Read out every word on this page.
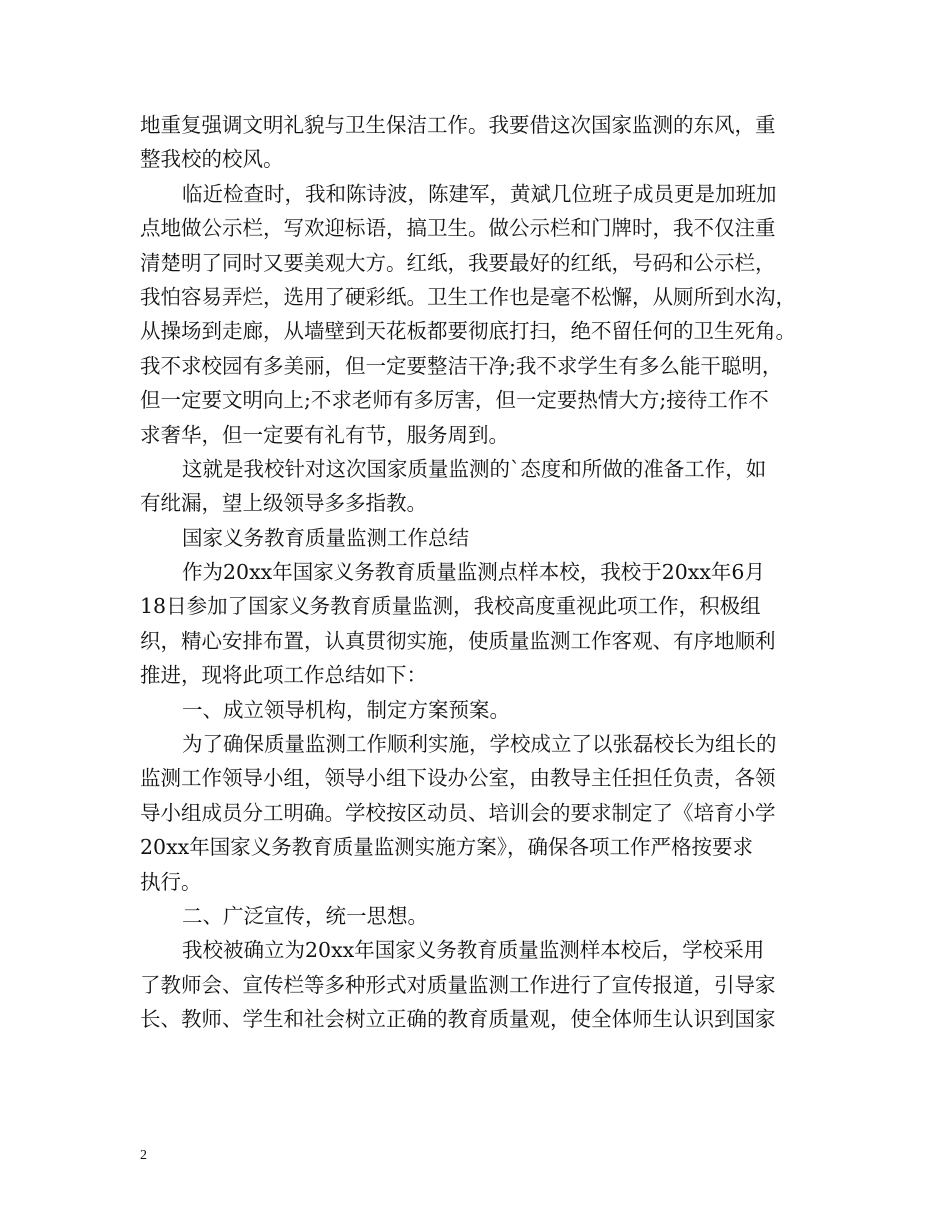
地重复强调文明礼貌与卫生保洁工作。我要借这次国家监测的东风，重
整我校的校风。
临近检查时，我和陈诗波，陈建军，黄斌几位班子成员更是加班加
点地做公示栏，写欢迎标语，搞卫生。做公示栏和门牌时，我不仅注重
清楚明了同时又要美观大方。红纸，我要最好的红纸，号码和公示栏，
我怕容易弄烂，选用了硬彩纸。卫生工作也是毫不松懈，从厕所到水沟，
从操场到走廊，从墙壁到天花板都要彻底打扫，绝不留任何的卫生死角。
我不求校园有多美丽，但一定要整洁干净;我不求学生有多么能干聪明，
但一定要文明向上;不求老师有多厉害，但一定要热情大方;接待工作不
求奢华，但一定要有礼有节，服务周到。
这就是我校针对这次国家质量监测的`态度和所做的准备工作，如
有纰漏，望上级领导多多指教。
国家义务教育质量监测工作总结
作为20xx年国家义务教育质量监测点样本校，我校于20xx年6月
18日参加了国家义务教育质量监测，我校高度重视此项工作，积极组
织，精心安排布置，认真贯彻实施，使质量监测工作客观、有序地顺利
推进，现将此项工作总结如下：
一、成立领导机构，制定方案预案。
为了确保质量监测工作顺利实施，学校成立了以张磊校长为组长的
监测工作领导小组，领导小组下设办公室，由教导主任担任负责，各领
导小组成员分工明确。学校按区动员、培训会的要求制定了《培育小学
20xx年国家义务教育质量监测实施方案》，确保各项工作严格按要求
执行。
二、广泛宣传，统一思想。
我校被确立为20xx年国家义务教育质量监测样本校后，学校采用
了教师会、宣传栏等多种形式对质量监测工作进行了宣传报道，引导家
长、教师、学生和社会树立正确的教育质量观，使全体师生认识到国家
2
